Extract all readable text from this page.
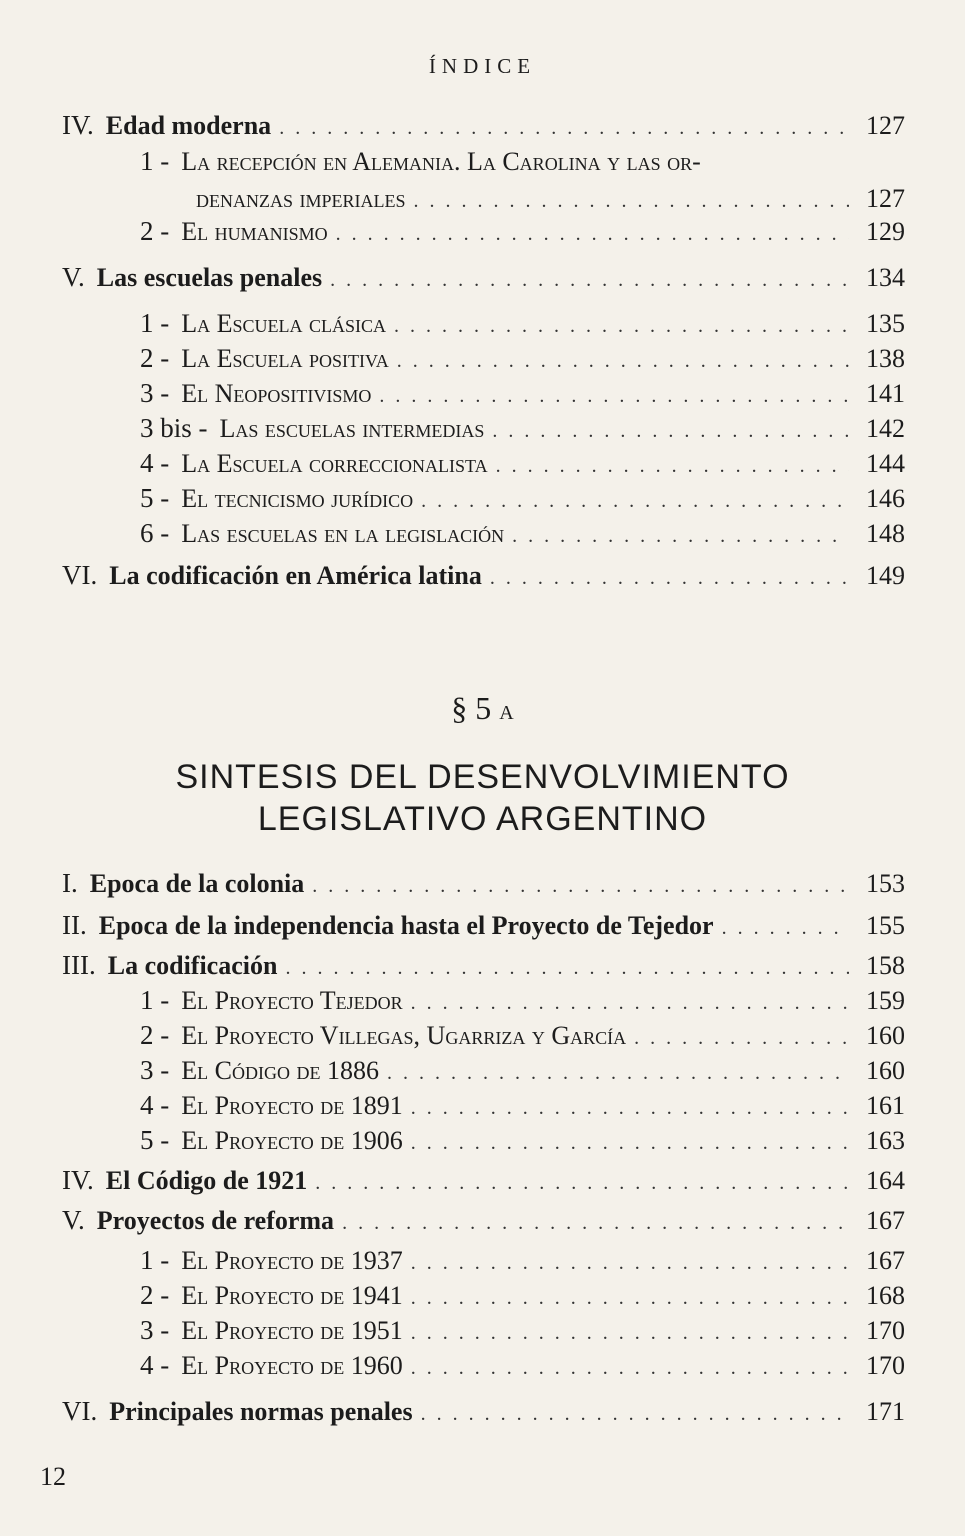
ÍNDICE
IV. Edad moderna . . .	127
1 - La recepción en Alemania. La Carolina y las or-
denanzas imperiales . . .	127
2 - El humanismo . . .	129
V. Las escuelas penales . . .	134
1 - La Escuela clásica . . .	135
2 - La Escuela positiva . . .	138
3 - El Neopositivismo . . .	141
3 bis - Las escuelas intermedias . . .	142
4 - La Escuela correccionalista . . .	144
5 - El tecnicismo jurídico . . .	146
6 - Las escuelas en la legislación . . .	148
VI. La codificación en América latina . . .	149
§ 5 A
SINTESIS DEL DESENVOLVIMIENTO
LEGISLATIVO ARGENTINO
I. Epoca de la colonia . . .	153
II. Epoca de la independencia hasta el Proyecto de Tejedor . . .	155
III. La codificación . . .	158
1 - El Proyecto Tejedor . . .	159
2 - El Proyecto Villegas, Ugarriza y García . . .	160
3 - El Código de 1886 . . .	160
4 - El Proyecto de 1891 . . .	161
5 - El Proyecto de 1906 . . .	163
IV. El Código de 1921 . . .	164
V. Proyectos de reforma . . .	167
1 - El Proyecto de 1937 . . .	167
2 - El Proyecto de 1941 . . .	168
3 - El Proyecto de 1951 . . .	170
4 - El Proyecto de 1960 . . .	170
VI. Principales normas penales . . .	171
12
